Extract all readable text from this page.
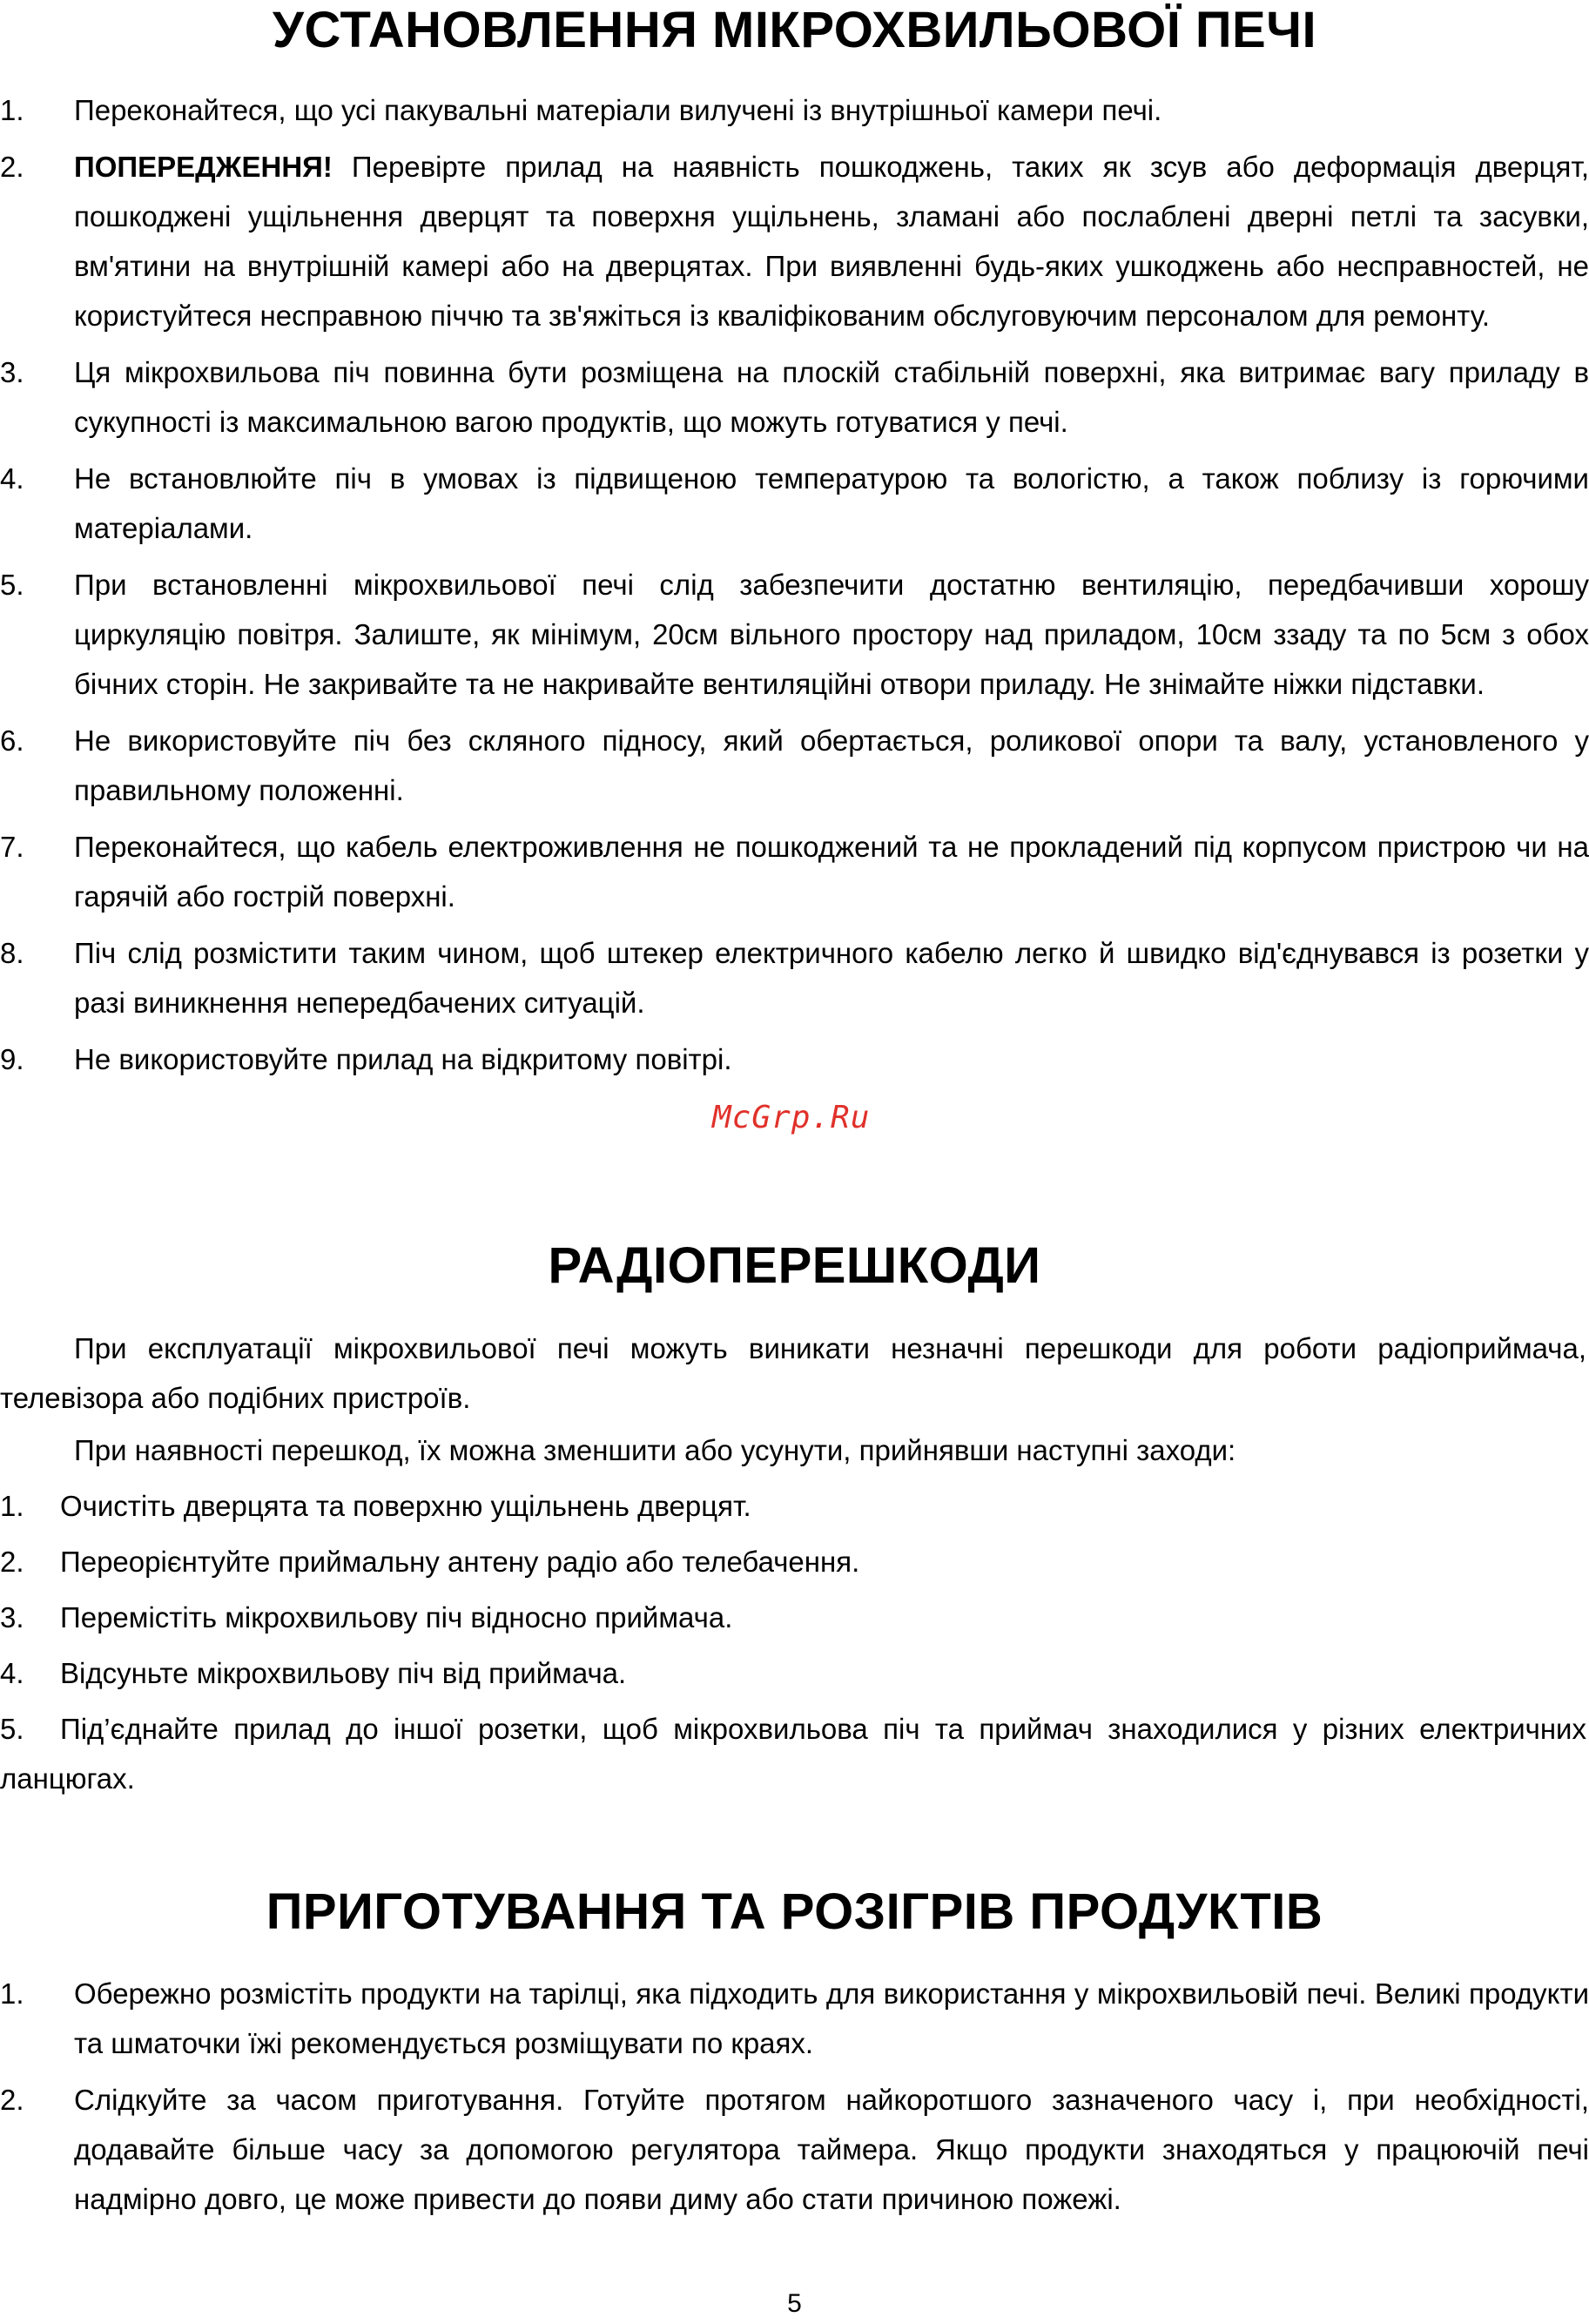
УСТАНОВЛЕННЯ МІКРОХВИЛЬОВОЇ ПЕЧІ
1. Переконайтеся, що усі пакувальні матеріали вилучені із внутрішньої камери печі.
2. ПОПЕРЕДЖЕННЯ! Перевірте прилад на наявність пошкоджень, таких як зсув або деформація дверцят, пошкоджені ущільнення дверцят та поверхня ущільнень, зламані або послаблені дверні петлі та засувки, вм'ятини на внутрішній камері або на дверцятах. При виявленні будь-яких ушкоджень або несправностей, не користуйтеся несправною піччю та зв'яжіться із кваліфікованим обслуговуючим персоналом для ремонту.
3. Ця мікрохвильова піч повинна бути розміщена на плоскій стабільній поверхні, яка витримає вагу приладу в сукупності із максимальною вагою продуктів, що можуть готуватися у печі.
4. Не встановлюйте піч в умовах із підвищеною температурою та вологістю, а також поблизу із горючими матеріалами.
5. При встановленні мікрохвильової печі слід забезпечити достатню вентиляцію, передбачивши хорошу циркуляцію повітря. Залиште, як мінімум, 20см вільного простору над приладом, 10см ззаду та по 5см з обох бічних сторін. Не закривайте та не накривайте вентиляційні отвори приладу. Не знімайте ніжки підставки.
6. Не використовуйте піч без скляного підносу, який обертається, роликової опори та валу, установленого у правильному положенні.
7. Переконайтеся, що кабель електроживлення не пошкоджений та не прокладений під корпусом пристрою чи на гарячій або гострій поверхні.
8. Піч слід розмістити таким чином, щоб штекер електричного кабелю легко й швидко від'єднувався із розетки у разі виникнення непередбачених ситуацій.
9. Не використовуйте прилад на відкритому повітрі.
McGrp.Ru
РАДІОПЕРЕШКОДИ

При експлуатації мікрохвильової печі можуть виникати незначні перешкоди для роботи радіоприймача, телевізора або подібних пристроїв.

При наявності перешкод, їх можна зменшити або усунути, прийнявши наступні заходи:

1. Очистіть дверцята та поверхню ущільнень дверцят.
2. Переорієнтуйте приймальну антену радіо або телебачення.
3. Перемістіть мікрохвильову піч відносно приймача.
4. Відсуньте мікрохвильову піч від приймача.
5.	Під’єднайте прилад до іншої розетки, щоб мікрохвильова піч та приймач знаходилися у різних електричних ланцюгах.
ПРИГОТУВАННЯ ТА РОЗІГРІВ ПРОДУКТІВ
1. Обережно розмістіть продукти на тарілці, яка підходить для використання у мікрохвильовій печі. Великі продукти та шматочки їжі рекомендується розміщувати по краях.
2. Слідкуйте за часом приготування. Готуйте протягом найкоротшого зазначеного часу і, при необхідності, додавайте більше часу за допомогою регулятора таймера. Якщо продукти знаходяться у працюючій печі надмірно довго, це може привести до появи диму або стати причиною пожежі.
5
